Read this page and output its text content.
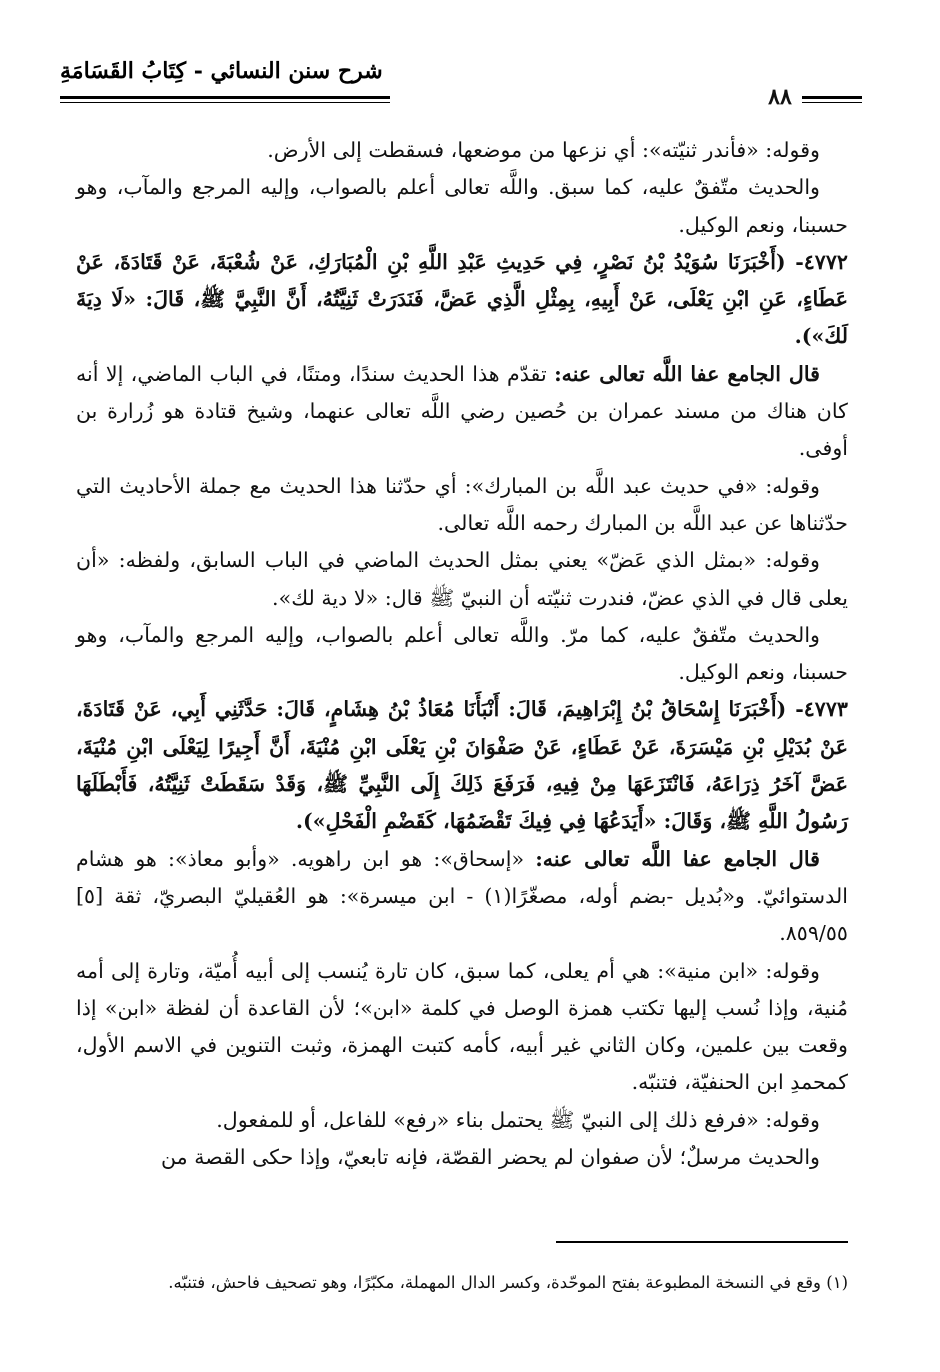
شرح سنن النسائي - كِتَابُ القَسَامَةِ
٨٨

وقوله: «فأندر ثنيّته»: أي نزعها من موضعها، فسقطت إلى الأرض.

والحديث متّفقٌ عليه، كما سبق. واللَّه تعالى أعلم بالصواب، وإليه المرجع والمآب، وهو حسبنا، ونعم الوكيل.

٤٧٧٢- (أَخْبَرَنَا سُوَيْدُ بْنُ نَصْرٍ، فِي حَدِيثِ عَبْدِ اللَّهِ بْنِ الْمُبَارَكِ، عَنْ شُعْبَةَ، عَنْ قَتَادَةَ، عَنْ عَطَاءٍ، عَنِ ابْنِ يَعْلَى، عَنْ أَبِيهِ، بِمِثْلِ الَّذِي عَضَّ، فَنَدَرَتْ ثَنِيَّتُهُ، أَنَّ النَّبِيَّ ﷺ، قَالَ: «لَا دِيَةَ لَكَ»).

قال الجامع عفا اللَّه تعالى عنه: تقدّم هذا الحديث سندًا، ومتنًا، في الباب الماضي، إلا أنه كان هناك من مسند عمران بن حُصين رضي اللَّه تعالى عنهما، وشيخ قتادة هو زُرارة بن أوفى.

وقوله: «في حديث عبد اللَّه بن المبارك»: أي حدّثنا هذا الحديث مع جملة الأحاديث التي حدّثناها عن عبد اللَّه بن المبارك رحمه اللَّه تعالى.

وقوله: «بمثل الذي عَضّ» يعني بمثل الحديث الماضي في الباب السابق، ولفظه: «أن يعلى قال في الذي عضّ، فندرت ثنيّته أن النبيّ ﷺ قال: «لا دية لك».

والحديث متّفقٌ عليه، كما مرّ. واللَّه تعالى أعلم بالصواب، وإليه المرجع والمآب، وهو حسبنا، ونعم الوكيل.

٤٧٧٣- (أَخْبَرَنَا إِسْحَاقُ بْنُ إِبْرَاهِيمَ، قَالَ: أَنْبَأَنَا مُعَاذُ بْنُ هِشَامٍ، قَالَ: حَدَّثَنِي أَبِي، عَنْ قَتَادَةَ، عَنْ بُدَيْلِ بْنِ مَيْسَرَةَ، عَنْ عَطَاءٍ، عَنْ صَفْوَانَ بْنِ يَعْلَى ابْنِ مُنْيَةَ، أَنَّ أَجِيرًا لِيَعْلَى ابْنِ مُنْيَةَ، عَضَّ آخَرُ ذِرَاعَهُ، فَانْتَزَعَهَا مِنْ فِيهِ، فَرَفَعَ ذَلِكَ إِلَى النَّبِيِّ ﷺ، وَقَدْ سَقَطَتْ ثَنِيَّتُهُ، فَأَبْطَلَهَا رَسُولُ اللَّهِ ﷺ، وَقَالَ: «أَيَدَعُهَا فِي فِيكَ تَقْضَمُهَا، كَقَضْمِ الْفَحْلِ»).

قال الجامع عفا اللَّه تعالى عنه: «إسحاق»: هو ابن راهويه. «وأبو معاذ»: هو هشام الدستوائيّ. و«بُديل -بضم أوله، مصغّرًا(١) - ابن ميسرة»: هو العُقيليّ البصريّ، ثقة [٥] ٨٥٩/٥٥.

وقوله: «ابن منية»: هي أم يعلى، كما سبق، كان تارة يُنسب إلى أبيه أُميّة، وتارة إلى أمه مُنية، وإذا نُسب إليها تكتب همزة الوصل في كلمة «ابن»؛ لأن القاعدة أن لفظة «ابن» إذا وقعت بين علمين، وكان الثاني غير أبيه، كأمه كتبت الهمزة، وثبت التنوين في الاسم الأول، كمحمدِ ابن الحنفيّة، فتنبّه.

وقوله: «فرفع ذلك إلى النبيّ ﷺ يحتمل بناء «رفع» للفاعل، أو للمفعول.

والحديث مرسلٌ؛ لأن صفوان لم يحضر القصّة، فإنه تابعيّ، وإذا حكى القصة من

(١) وقع في النسخة المطبوعة بفتح الموحّدة، وكسر الدال المهملة، مكبّرًا، وهو تصحيف فاحش، فتنبّه.
